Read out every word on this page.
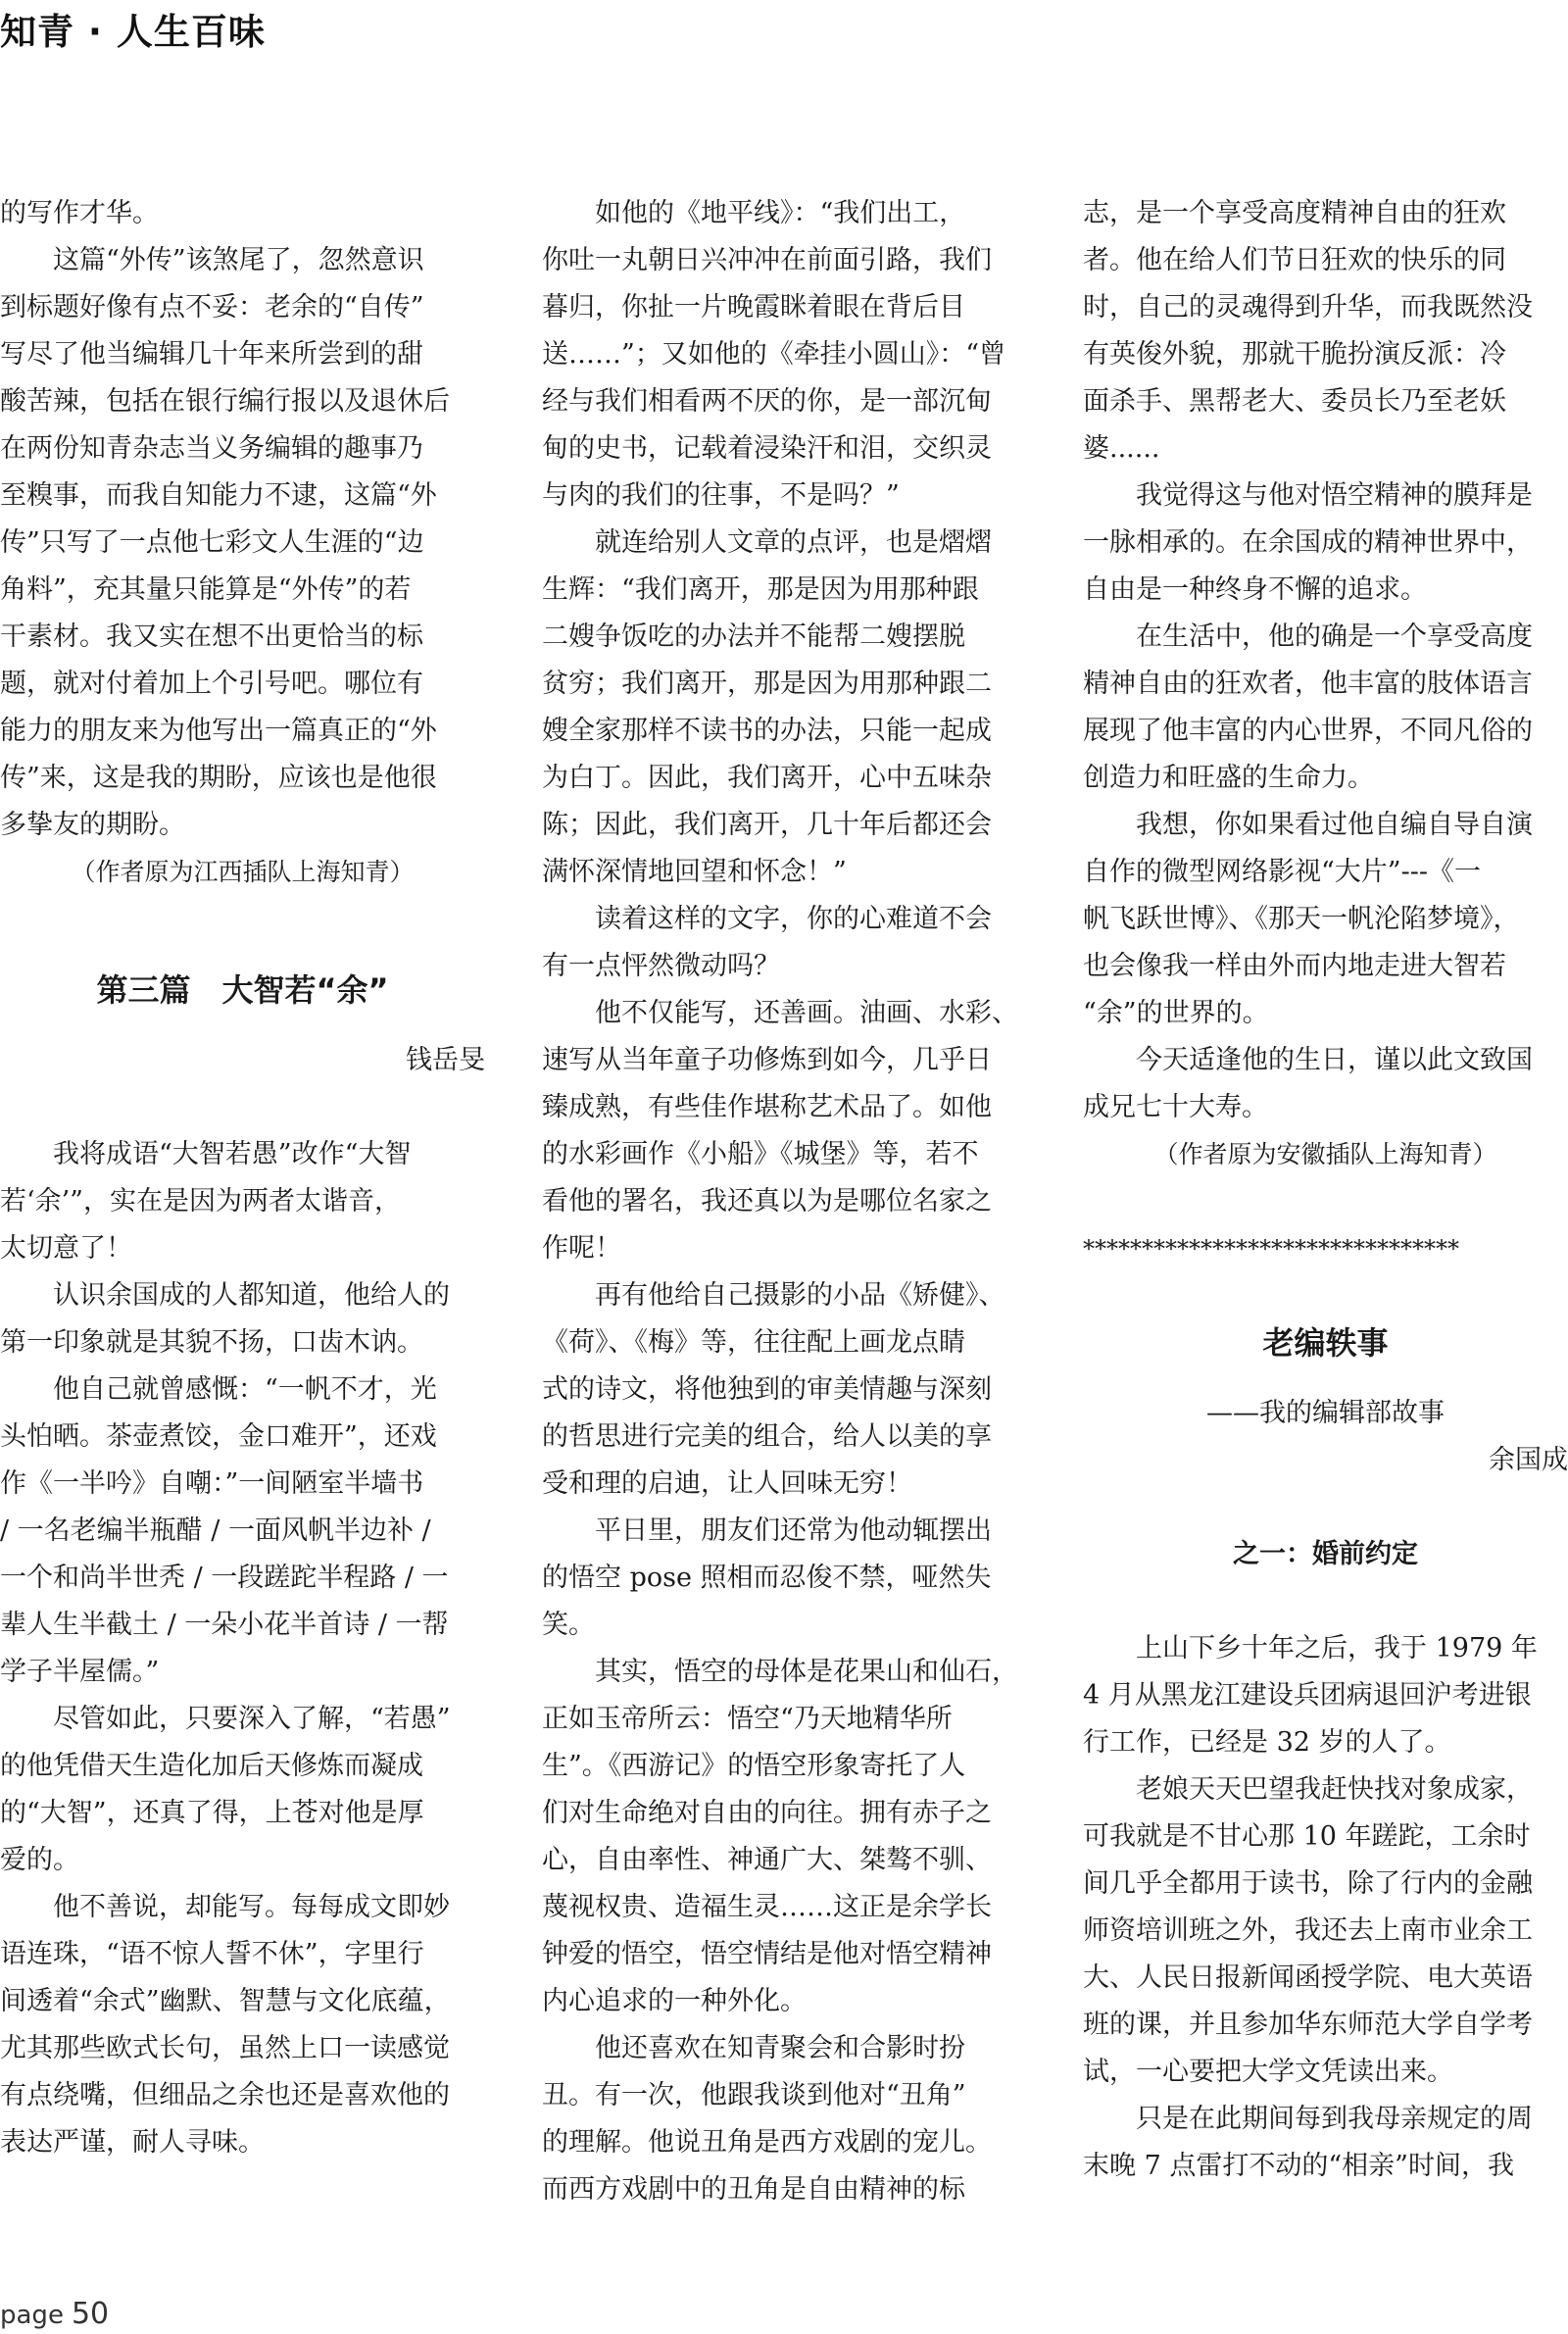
知青 · 人生百味
的写作才华。
这篇“外传”该煞尾了，忽然意识
到标题好像有点不妥：老余的“自传”
写尽了他当编辑几十年来所尝到的甜
酸苦辣，包括在银行编行报以及退休后
在两份知青杂志当义务编辑的趣事乃
至糗事，而我自知能力不逮，这篇“外
传”只写了一点他七彩文人生涯的“边
角料”，充其量只能算是“外传”的若
干素材。我又实在想不出更恰当的标
题，就对付着加上个引号吧。哪位有
能力的朋友来为他写出一篇真正的“外
传”来，这是我的期盼，应该也是他很
多挚友的期盼。
（作者原为江西插队上海知青）
第三篇　大智若“余”
钱岳旻
我将成语“大智若愚”改作“大智
若‘余’”，实在是因为两者太谐音，
太切意了！
认识余国成的人都知道，他给人的
第一印象就是其貌不扬，口齿木讷。
他自己就曾感慨：“一帆不才，光
头怕晒。茶壶煮饺，金口难开”，还戏
作《一半吟》自嘲：”一间陋室半墙书
/ 一名老编半瓶醋 / 一面风帆半边补 /
一个和尚半世秃 / 一段蹉跎半程路 / 一
辈人生半截土 / 一朵小花半首诗 / 一帮
学子半屋儒。”
尽管如此，只要深入了解，“若愚”
的他凭借天生造化加后天修炼而凝成
的“大智”，还真了得，上苍对他是厚
爱的。
他不善说，却能写。每每成文即妙
语连珠，“语不惊人誓不休”，字里行
间透着“余式”幽默、智慧与文化底蕴，
尤其那些欧式长句，虽然上口一读感觉
有点绕嘴，但细品之余也还是喜欢他的
表达严谨，耐人寻味。
如他的《地平线》：“我们出工，
你吐一丸朝日兴冲冲在前面引路，我们
暮归，你扯一片晚霞眯着眼在背后目
送……”；又如他的《牵挂小圆山》：“曾
经与我们相看两不厌的你，是一部沉甸
甸的史书，记载着浸染汗和泪，交织灵
与肉的我们的往事，不是吗？”
就连给别人文章的点评，也是熠熠
生辉：“我们离开，那是因为用那种跟
二嫂争饭吃的办法并不能帮二嫂摆脱
贫穷；我们离开，那是因为用那种跟二
嫂全家那样不读书的办法，只能一起成
为白丁。因此，我们离开，心中五味杂
陈；因此，我们离开，几十年后都还会
满怀深情地回望和怀念！”
读着这样的文字，你的心难道不会
有一点怦然微动吗？
他不仅能写，还善画。油画、水彩、
速写从当年童子功修炼到如今，几乎日
臻成熟，有些佳作堪称艺术品了。如他
的水彩画作《小船》《城堡》等，若不
看他的署名，我还真以为是哪位名家之
作呢！
再有他给自己摄影的小品《矫健》、
《荷》、《梅》等，往往配上画龙点睛
式的诗文，将他独到的审美情趣与深刻
的哲思进行完美的组合，给人以美的享
受和理的启迪，让人回味无穷！
平日里，朋友们还常为他动辄摆出
的悟空 pose 照相而忍俊不禁，哑然失
笑。
其实，悟空的母体是花果山和仙石，
正如玉帝所云：悟空“乃天地精华所
生”。《西游记》的悟空形象寄托了人
们对生命绝对自由的向往。拥有赤子之
心，自由率性、神通广大、桀骜不驯、
蔑视权贵、造福生灵……这正是余学长
钟爱的悟空，悟空情结是他对悟空精神
内心追求的一种外化。
他还喜欢在知青聚会和合影时扮
丑。有一次，他跟我谈到他对“丑角”
的理解。他说丑角是西方戏剧的宠儿。
而西方戏剧中的丑角是自由精神的标
志，是一个享受高度精神自由的狂欢
者。他在给人们节日狂欢的快乐的同
时，自己的灵魂得到升华，而我既然没
有英俊外貌，那就干脆扮演反派：冷
面杀手、黑帮老大、委员长乃至老妖
婆......
我觉得这与他对悟空精神的膜拜是
一脉相承的。在余国成的精神世界中，
自由是一种终身不懈的追求。
在生活中，他的确是一个享受高度
精神自由的狂欢者，他丰富的肢体语言
展现了他丰富的内心世界，不同凡俗的
创造力和旺盛的生命力。
我想，你如果看过他自编自导自演
自作的微型网络影视“大片”---《一
帆飞跃世博》、《那天一帆沦陷梦境》，
也会像我一样由外而内地走进大智若
“余”的世界的。
今天适逢他的生日，谨以此文致国
成兄七十大寿。
（作者原为安徽插队上海知青）
********************************
老编轶事
——我的编辑部故事
余国成
之一：婚前约定
上山下乡十年之后，我于 1979 年
4 月从黑龙江建设兵团病退回沪考进银
行工作，已经是 32 岁的人了。
老娘天天巴望我赶快找对象成家，
可我就是不甘心那 10 年蹉跎，工余时
间几乎全都用于读书，除了行内的金融
师资培训班之外，我还去上南市业余工
大、人民日报新闻函授学院、电大英语
班的课，并且参加华东师范大学自学考
试，一心要把大学文凭读出来。
只是在此期间每到我母亲规定的周
末晚 7 点雷打不动的“相亲”时间，我
page 50
